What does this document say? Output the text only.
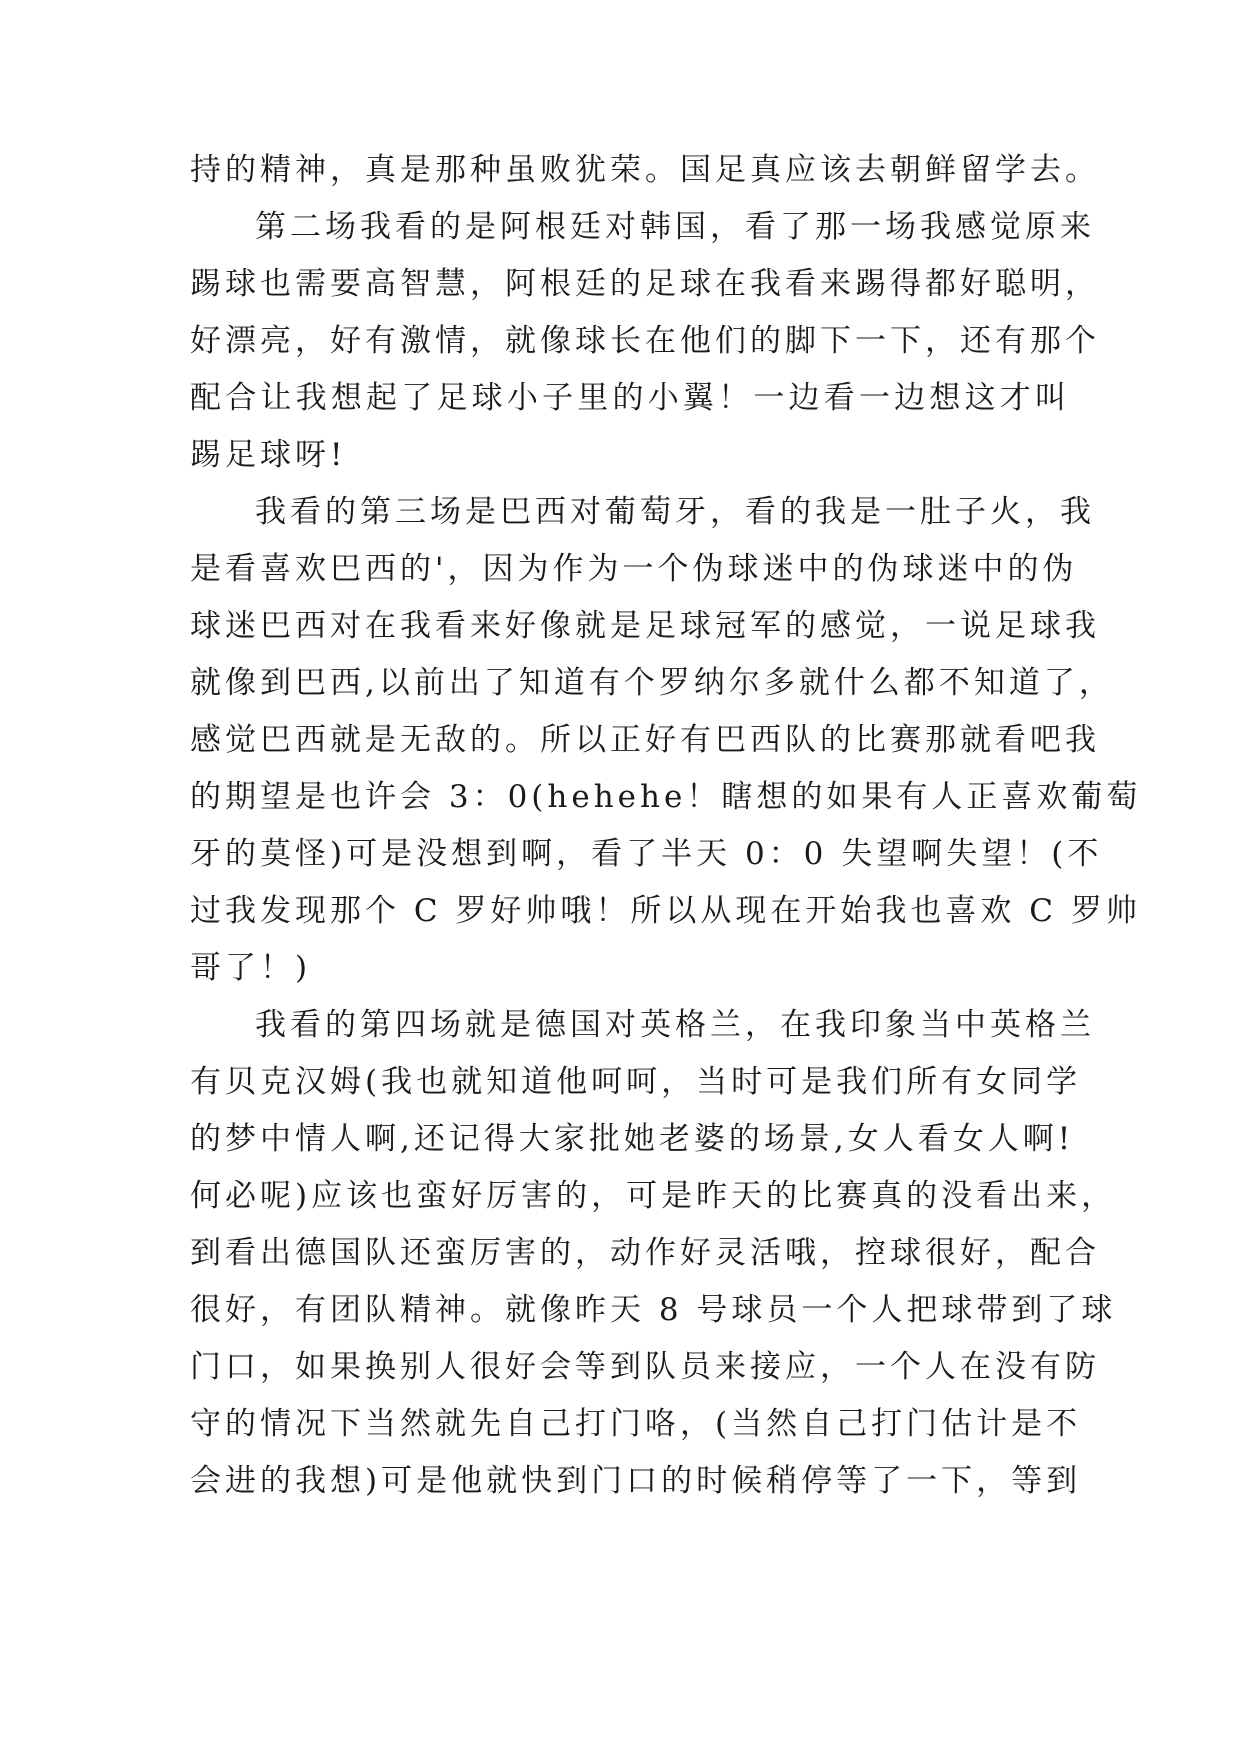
持的精神，真是那种虽败犹荣。国足真应该去朝鲜留学去。
第二场我看的是阿根廷对韩国，看了那一场我感觉原来
踢球也需要高智慧，阿根廷的足球在我看来踢得都好聪明，
好漂亮，好有激情，就像球长在他们的脚下一下，还有那个
配合让我想起了足球小子里的小翼！一边看一边想这才叫
踢足球呀!
我看的第三场是巴西对葡萄牙，看的我是一肚子火，我
是看喜欢巴西的'，因为作为一个伪球迷中的伪球迷中的伪
球迷巴西对在我看来好像就是足球冠军的感觉，一说足球我
就像到巴西,以前出了知道有个罗纳尔多就什么都不知道了，
感觉巴西就是无敌的。所以正好有巴西队的比赛那就看吧我
的期望是也许会 3：0(hehehe！瞎想的如果有人正喜欢葡萄
牙的莫怪)可是没想到啊，看了半天 0：0 失望啊失望！(不
过我发现那个 C 罗好帅哦！所以从现在开始我也喜欢 C 罗帅
哥了！)
我看的第四场就是德国对英格兰，在我印象当中英格兰
有贝克汉姆(我也就知道他呵呵，当时可是我们所有女同学
的梦中情人啊,还记得大家批她老婆的场景,女人看女人啊!
何必呢)应该也蛮好厉害的，可是昨天的比赛真的没看出来，
到看出德国队还蛮厉害的，动作好灵活哦，控球很好，配合
很好，有团队精神。就像昨天 8 号球员一个人把球带到了球
门口，如果换别人很好会等到队员来接应，一个人在没有防
守的情况下当然就先自己打门咯，(当然自己打门估计是不
会进的我想)可是他就快到门口的时候稍停等了一下，等到
